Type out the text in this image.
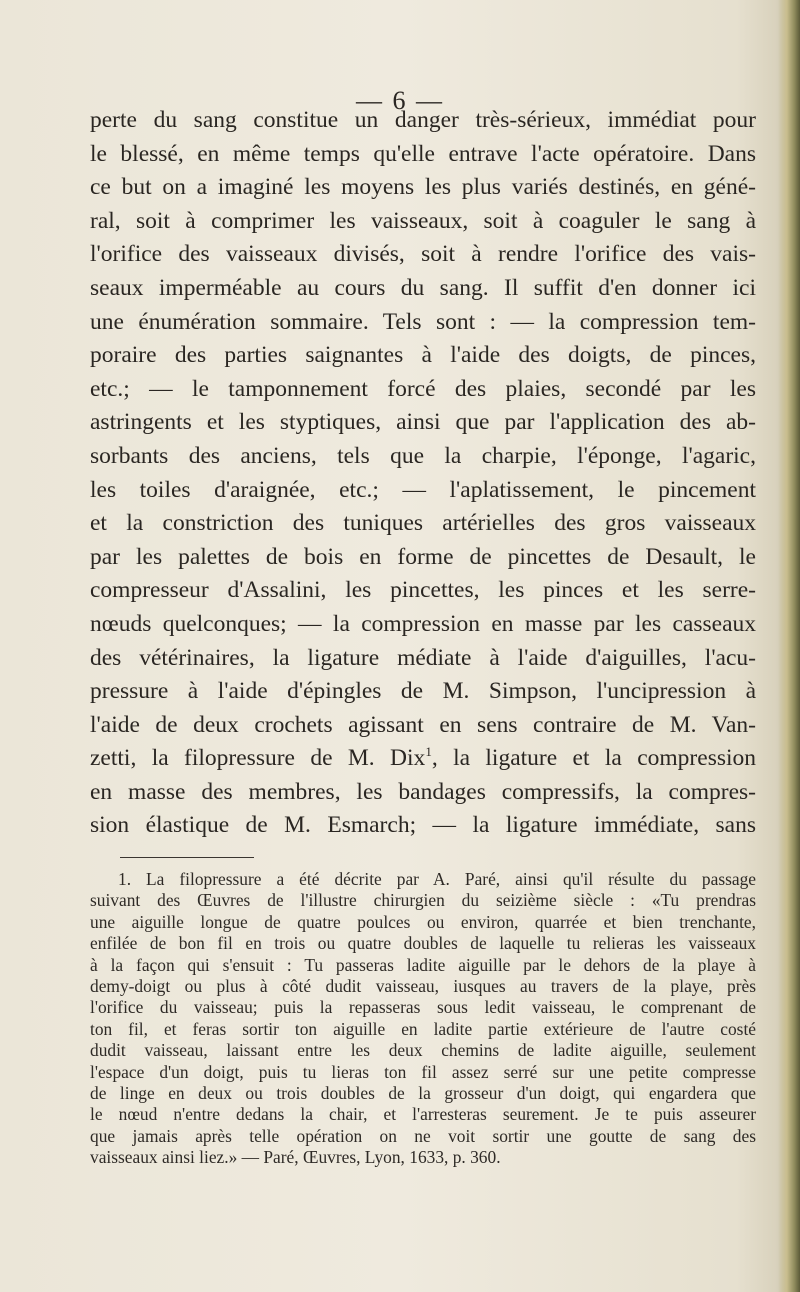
— 6 —
perte du sang constitue un danger très-sérieux, immédiat pour
le blessé, en même temps qu'elle entrave l'acte opératoire. Dans
ce but on a imaginé les moyens les plus variés destinés, en géné-
ral, soit à comprimer les vaisseaux, soit à coaguler le sang à
l'orifice des vaisseaux divisés, soit à rendre l'orifice des vais-
seaux imperméable au cours du sang. Il suffit d'en donner ici
une énumération sommaire. Tels sont : — la compression tem-
poraire des parties saignantes à l'aide des doigts, de pinces,
etc.; — le tamponnement forcé des plaies, secondé par les
astringents et les styptiques, ainsi que par l'application des ab-
sorbants des anciens, tels que la charpie, l'éponge, l'agaric,
les toiles d'araignée, etc.; — l'aplatissement, le pincement
et la constriction des tuniques artérielles des gros vaisseaux
par les palettes de bois en forme de pincettes de Desault, le
compresseur d'Assalini, les pincettes, les pinces et les serre-
nœuds quelconques; — la compression en masse par les casseaux
des vétérinaires, la ligature médiate à l'aide d'aiguilles, l'acu-
pressure à l'aide d'épingles de M. Simpson, l'uncipression à
l'aide de deux crochets agissant en sens contraire de M. Van-
zetti, la filopressure de M. Dix$^1$, la ligature et la compression
en masse des membres, les bandages compressifs, la compres-
sion élastique de M. Esmarch; — la ligature immédiate, sans
1. La filopressure a été décrite par A. Paré, ainsi qu'il résulte du passage
suivant des Œuvres de l'illustre chirurgien du seizième siècle : «Tu prendras
une aiguille longue de quatre poulces ou environ, quarrée et bien trenchante,
enfilée de bon fil en trois ou quatre doubles de laquelle tu relieras les vaisseaux
à la façon qui s'ensuit : Tu passeras ladite aiguille par le dehors de la playe à
demy-doigt ou plus à côté dudit vaisseau, iusques au travers de la playe, près
l'orifice du vaisseau; puis la repasseras sous ledit vaisseau, le comprenant de
ton fil, et feras sortir ton aiguille en ladite partie extérieure de l'autre costé
dudit vaisseau, laissant entre les deux chemins de ladite aiguille, seulement
l'espace d'un doigt, puis tu lieras ton fil assez serré sur une petite compresse
de linge en deux ou trois doubles de la grosseur d'un doigt, qui engardera que
le nœud n'entre dedans la chair, et l'arresteras seurement. Je te puis asseurer
que jamais après telle opération on ne voit sortir une goutte de sang des
vaisseaux ainsi liez.» — Paré, Œuvres, Lyon, 1633, p. 360.
